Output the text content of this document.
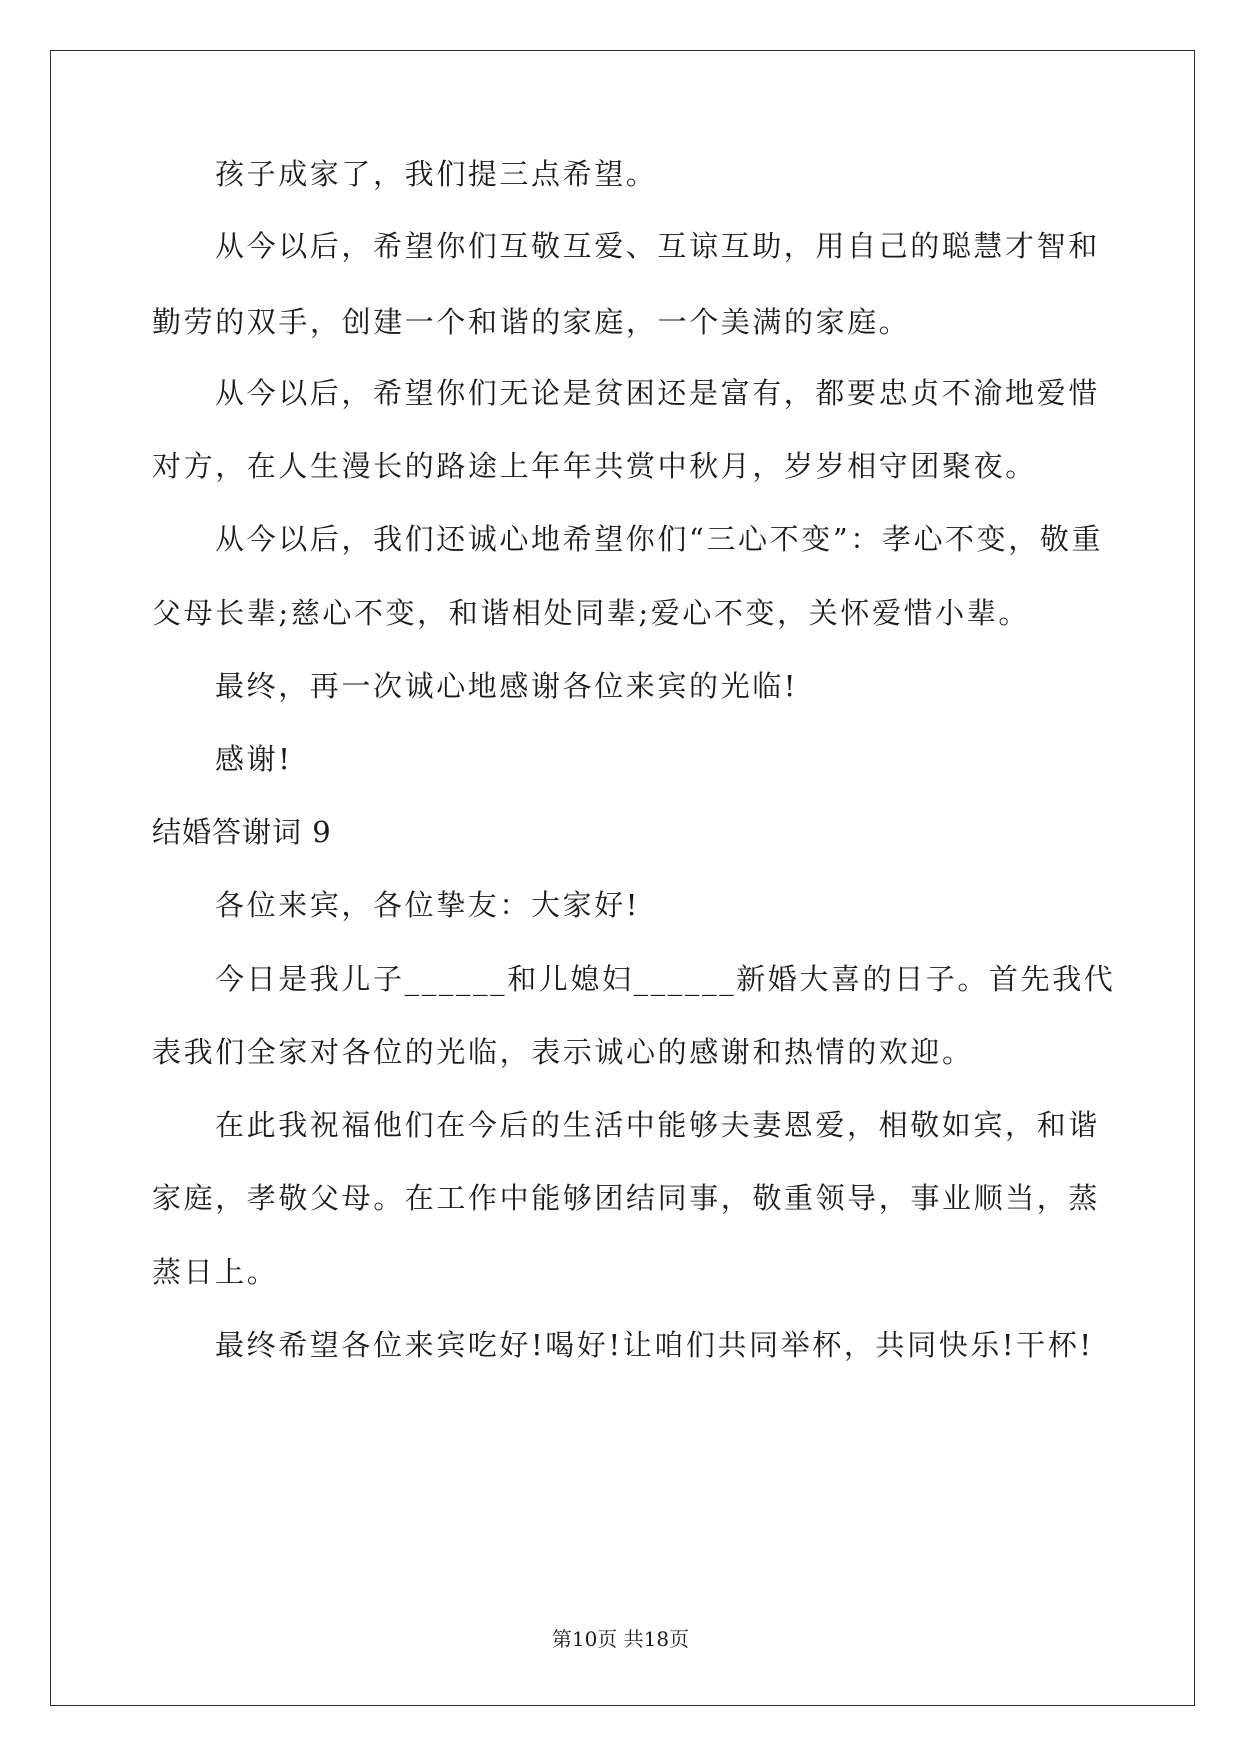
孩子成家了，我们提三点希望。
从今以后，希望你们互敬互爱、互谅互助，用自己的聪慧才智和
勤劳的双手，创建一个和谐的家庭，一个美满的家庭。
从今以后，希望你们无论是贫困还是富有，都要忠贞不渝地爱惜
对方，在人生漫长的路途上年年共赏中秋月，岁岁相守团聚夜。
从今以后，我们还诚心地希望你们“三心不变”：孝心不变，敬重
父母长辈;慈心不变，和谐相处同辈;爱心不变，关怀爱惜小辈。
最终，再一次诚心地感谢各位来宾的光临!
感谢!
结婚答谢词 9
各位来宾，各位挚友：大家好!
今日是我儿子______和儿媳妇______新婚大喜的日子。首先我代
表我们全家对各位的光临，表示诚心的感谢和热情的欢迎。
在此我祝福他们在今后的生活中能够夫妻恩爱，相敬如宾，和谐
家庭，孝敬父母。在工作中能够团结同事，敬重领导，事业顺当，蒸
蒸日上。
最终希望各位来宾吃好!喝好!让咱们共同举杯，共同快乐!干杯!
第10页 共18页
